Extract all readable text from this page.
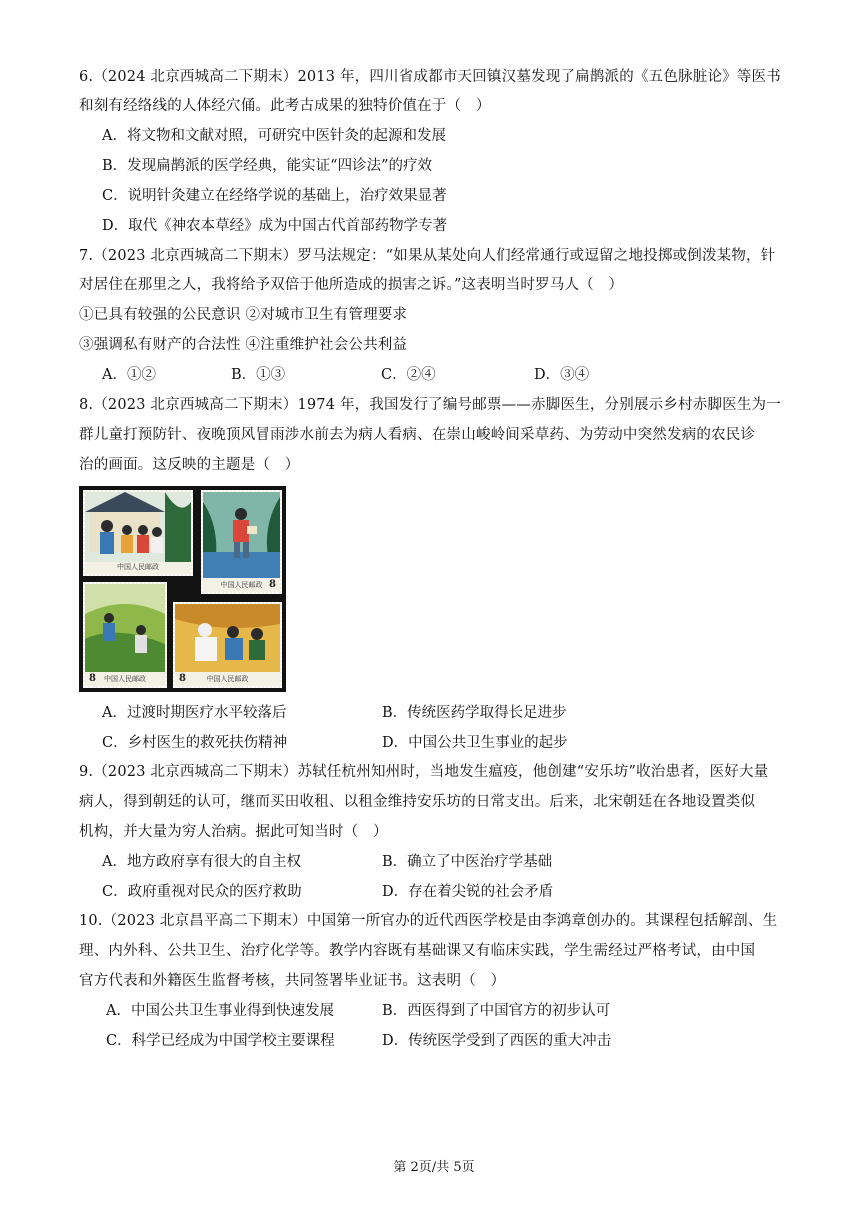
6.（2024 北京西城高二下期末）2013 年，四川省成都市天回镇汉墓发现了扁鹊派的《五色脉脏论》等医书
和刻有经络线的人体经穴俑。此考古成果的独特价值在于（　）
A．将文物和文献对照，可研究中医针灸的起源和发展
B．发现扁鹊派的医学经典，能实证“四诊法”的疗效
C．说明针灸建立在经络学说的基础上，治疗效果显著
D．取代《神农本草经》成为中国古代首部药物学专著
7.（2023 北京西城高二下期末）罗马法规定：“如果从某处向人们经常通行或逗留之地投掷或倒泼某物，针
对居住在那里之人，我将给予双倍于他所造成的损害之诉。”这表明当时罗马人（　）
①已具有较强的公民意识 ②对城市卫生有管理要求
③强调私有财产的合法性 ④注重维护社会公共利益
A．①②	B．①③	C．②④	D．③④
8.（2023 北京西城高二下期末）1974 年，我国发行了编号邮票——赤脚医生，分别展示乡村赤脚医生为一
群儿童打预防针、夜晚顶风冒雨涉水前去为病人看病、在崇山峻岭间采草药、为劳动中突然发病的农民诊
治的画面。这反映的主题是（　）
中国人民邮政
8
中国人民邮政
8	中国人民邮政	8	中国人民邮政
A．过渡时期医疗水平较落后	B．传统医药学取得长足进步
C．乡村医生的救死扶伤精神	D．中国公共卫生事业的起步
9.（2023 北京西城高二下期末）苏轼任杭州知州时，当地发生瘟疫，他创建“安乐坊”收治患者，医好大量
病人，得到朝廷的认可，继而买田收租、以租金维持安乐坊的日常支出。后来，北宋朝廷在各地设置类似
机构，并大量为穷人治病。据此可知当时（　）
A．地方政府享有很大的自主权	B．确立了中医治疗学基础
C．政府重视对民众的医疗救助	D．存在着尖锐的社会矛盾
10.（2023 北京昌平高二下期末）中国第一所官办的近代西医学校是由李鸿章创办的。其课程包括解剖、生
理、内外科、公共卫生、治疗化学等。教学内容既有基础课又有临床实践，学生需经过严格考试，由中国
官方代表和外籍医生监督考核，共同签署毕业证书。这表明（　）
A．中国公共卫生事业得到快速发展	B．西医得到了中国官方的初步认可
C．科学已经成为中国学校主要课程	D．传统医学受到了西医的重大冲击
第 2页/共 5页
